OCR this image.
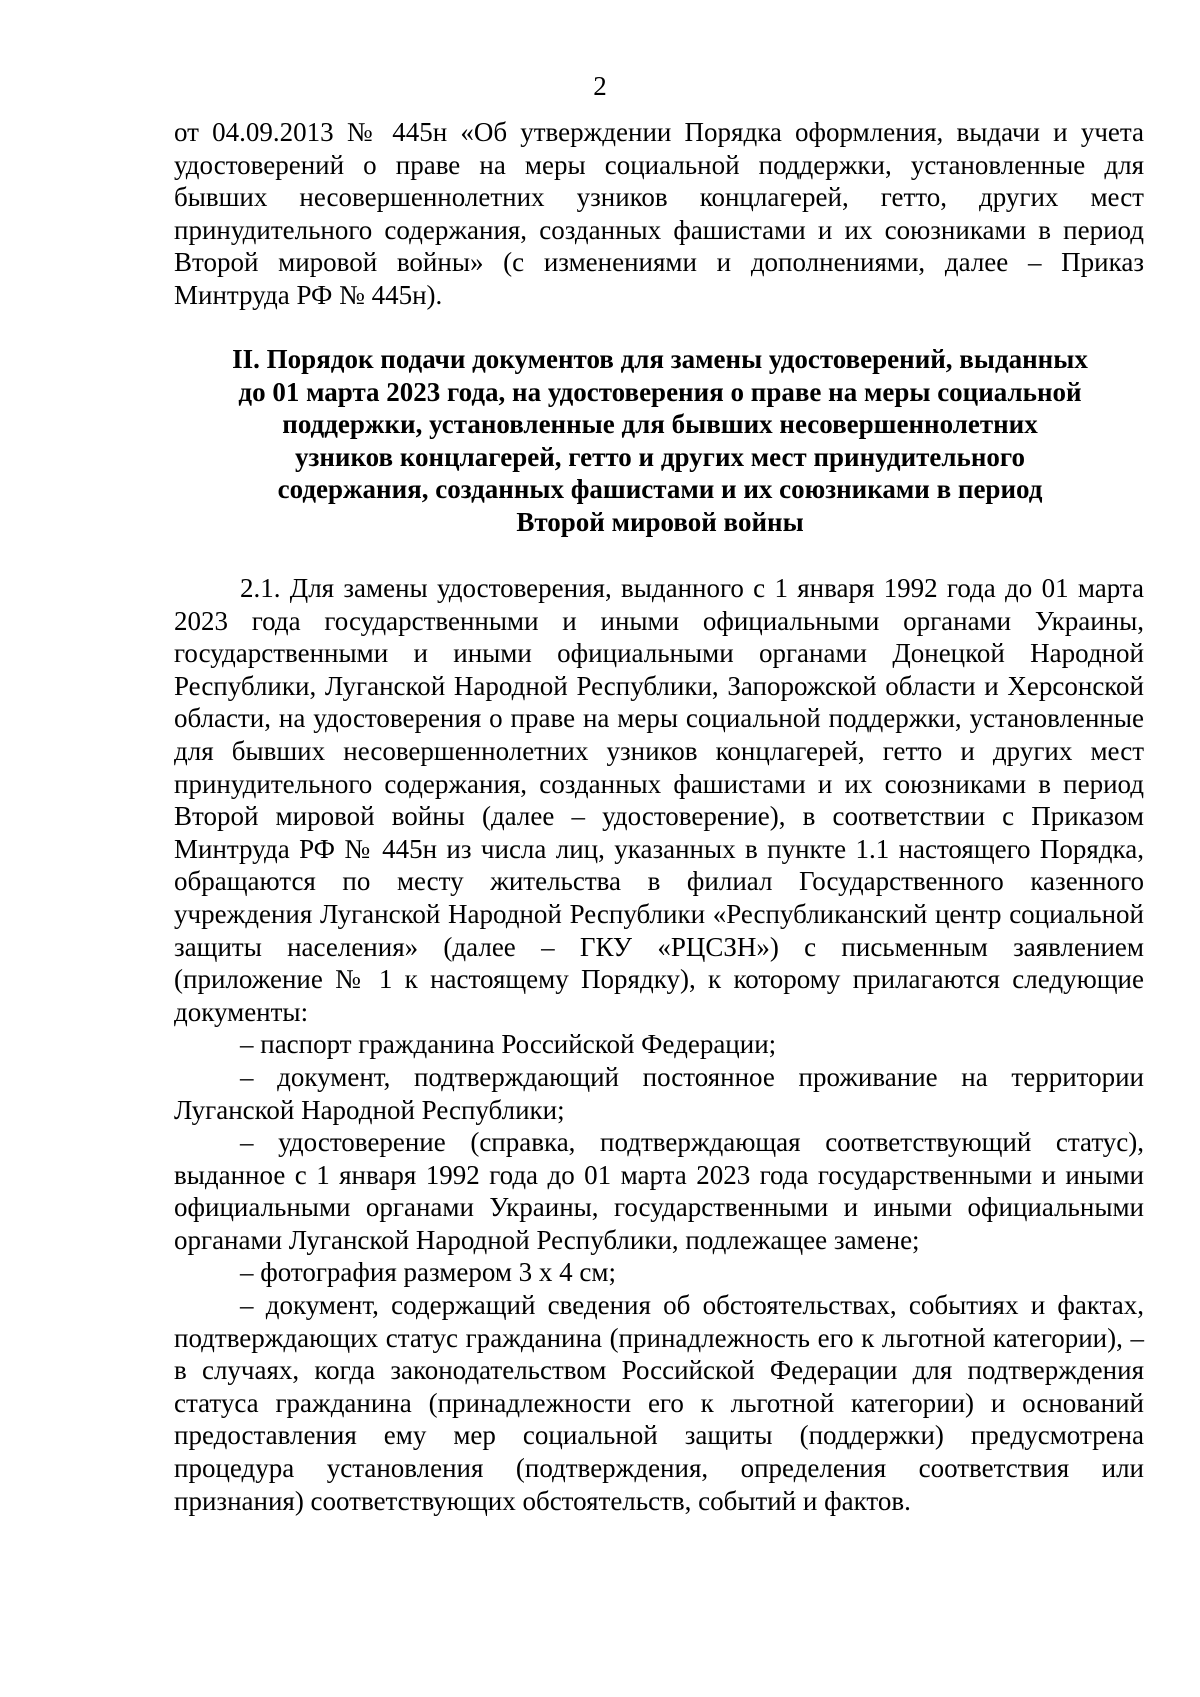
2

от 04.09.2013 № 445н «Об утверждении Порядка оформления, выдачи и учета удостоверений о праве на меры социальной поддержки, установленные для бывших несовершеннолетних узников концлагерей, гетто, других мест принудительного содержания, созданных фашистами и их союзниками в период Второй мировой войны» (с изменениями и дополнениями, далее – Приказ Минтруда РФ № 445н).

II. Порядок подачи документов для замены удостоверений, выданных до 01 марта 2023 года, на удостоверения о праве на меры социальной поддержки, установленные для бывших несовершеннолетних узников концлагерей, гетто и других мест принудительного содержания, созданных фашистами и их союзниками в период Второй мировой войны

2.1. Для замены удостоверения, выданного с 1 января 1992 года до 01 марта 2023 года государственными и иными официальными органами Украины, государственными и иными официальными органами Донецкой Народной Республики, Луганской Народной Республики, Запорожской области и Херсонской области, на удостоверения о праве на меры социальной поддержки, установленные для бывших несовершеннолетних узников концлагерей, гетто и других мест принудительного содержания, созданных фашистами и их союзниками в период Второй мировой войны (далее – удостоверение), в соответствии с Приказом Минтруда РФ № 445н из числа лиц, указанных в пункте 1.1 настоящего Порядка, обращаются по месту жительства в филиал Государственного казенного учреждения Луганской Народной Республики «Республиканский центр социальной защиты населения» (далее – ГКУ «РЦСЗН») с письменным заявлением (приложение № 1 к настоящему Порядку), к которому прилагаются следующие документы:

– паспорт гражданина Российской Федерации;

– документ, подтверждающий постоянное проживание на территории Луганской Народной Республики;

– удостоверение (справка, подтверждающая соответствующий статус), выданное с 1 января 1992 года до 01 марта 2023 года государственными и иными официальными органами Украины, государственными и иными официальными органами Луганской Народной Республики, подлежащее замене;

– фотография размером 3 х 4 см;

– документ, содержащий сведения об обстоятельствах, событиях и фактах, подтверждающих статус гражданина (принадлежность его к льготной категории), – в случаях, когда законодательством Российской Федерации для подтверждения статуса гражданина (принадлежности его к льготной категории) и оснований предоставления ему мер социальной защиты (поддержки) предусмотрена процедура установления (подтверждения, определения соответствия или признания) соответствующих обстоятельств, событий и фактов.
